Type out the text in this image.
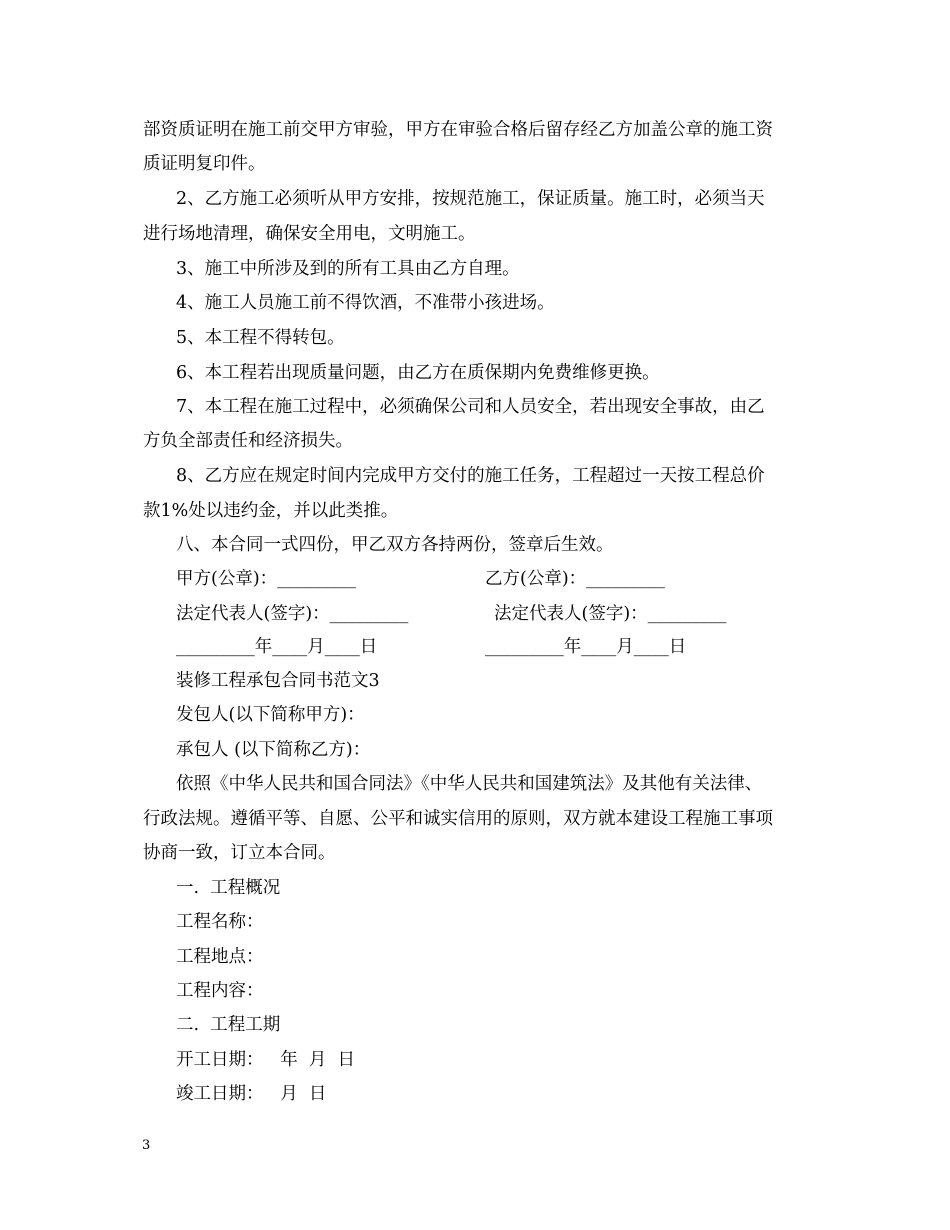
部资质证明在施工前交甲方审验，甲方在审验合格后留存经乙方加盖公章的施工资
质证明复印件。
2、乙方施工必须听从甲方安排，按规范施工，保证质量。施工时，必须当天
进行场地清理，确保安全用电，文明施工。
3、施工中所涉及到的所有工具由乙方自理。
4、施工人员施工前不得饮酒，不准带小孩进场。
5、本工程不得转包。
6、本工程若出现质量问题，由乙方在质保期内免费维修更换。
7、本工程在施工过程中，必须确保公司和人员安全，若出现安全事故，由乙
方负全部责任和经济损失。
8、乙方应在规定时间内完成甲方交付的施工任务，工程超过一天按工程总价
款1%处以违约金，并以此类推。
八、本合同一式四份，甲乙双方各持两份，签章后生效。
甲方(公章)：_________	乙方(公章)：_________
法定代表人(签字)：_________	法定代表人(签字)：_________
_________年____月____日	_________年____月____日
装修工程承包合同书范文3
发包人(以下简称甲方)：
承包人 (以下简称乙方)：
依照《中华人民共和国合同法》《中华人民共和国建筑法》及其他有关法律、
行政法规。遵循平等、自愿、公平和诚实信用的原则，双方就本建设工程施工事项
协商一致，订立本合同。
一.  工程概况
工程名称：
工程地点：
工程内容：
二.  工程工期
开工日期：   年  月  日
竣工日期：   月  日
3
